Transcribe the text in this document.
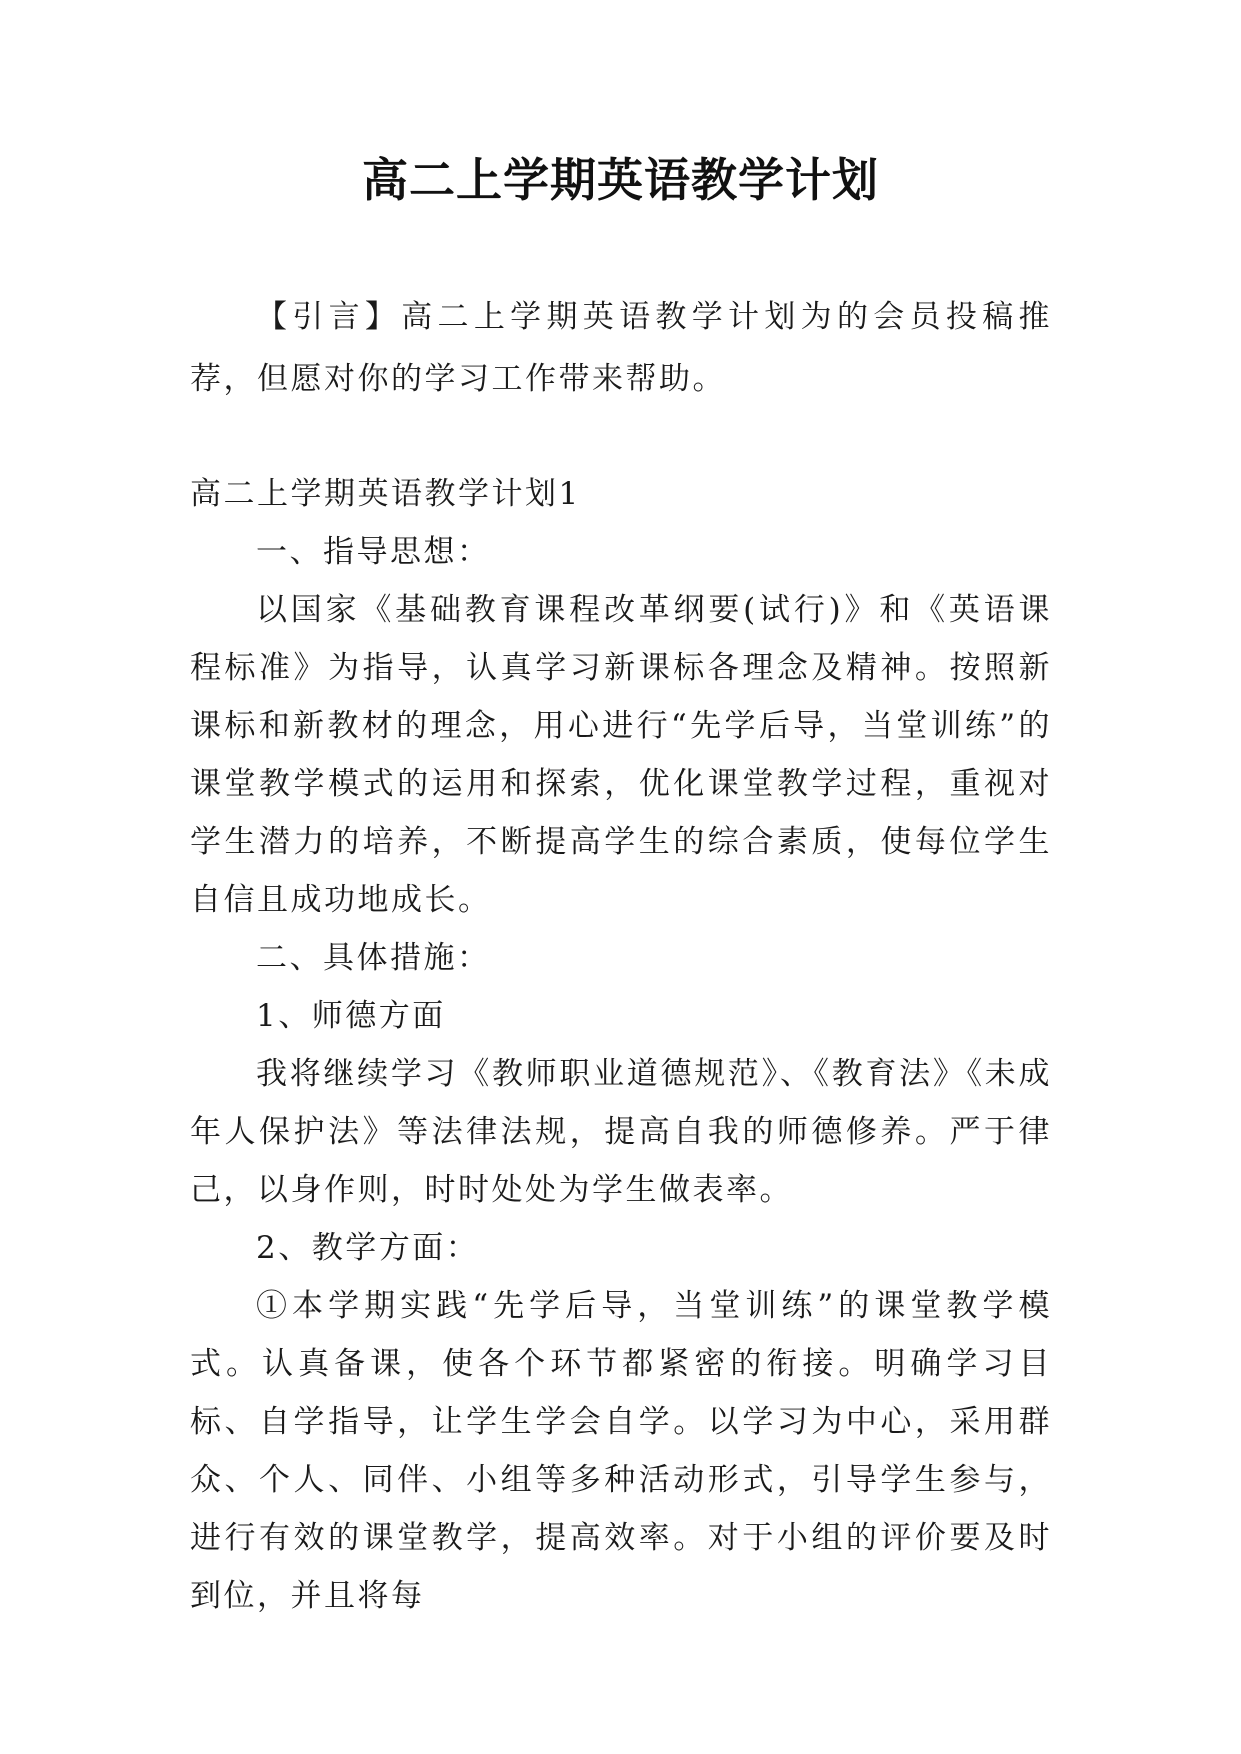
高二上学期英语教学计划

【引言】高二上学期英语教学计划为的会员投稿推荐，但愿对你的学习工作带来帮助。

高二上学期英语教学计划1

一、指导思想：

以国家《基础教育课程改革纲要(试行)》和《英语课程标准》为指导，认真学习新课标各理念及精神。按照新课标和新教材的理念，用心进行“先学后导，当堂训练”的课堂教学模式的运用和探索，优化课堂教学过程，重视对学生潜力的培养，不断提高学生的综合素质，使每位学生自信且成功地成长。

二、具体措施：

1、师德方面

我将继续学习《教师职业道德规范》、《教育法》《未成年人保护法》等法律法规，提高自我的师德修养。严于律己，以身作则，时时处处为学生做表率。

2、教学方面：

①本学期实践“先学后导，当堂训练”的课堂教学模式。认真备课，使各个环节都紧密的衔接。明确学习目标、自学指导，让学生学会自学。以学习为中心，采用群众、个人、同伴、小组等多种活动形式，引导学生参与，进行有效的课堂教学，提高效率。对于小组的评价要及时到位，并且将每
